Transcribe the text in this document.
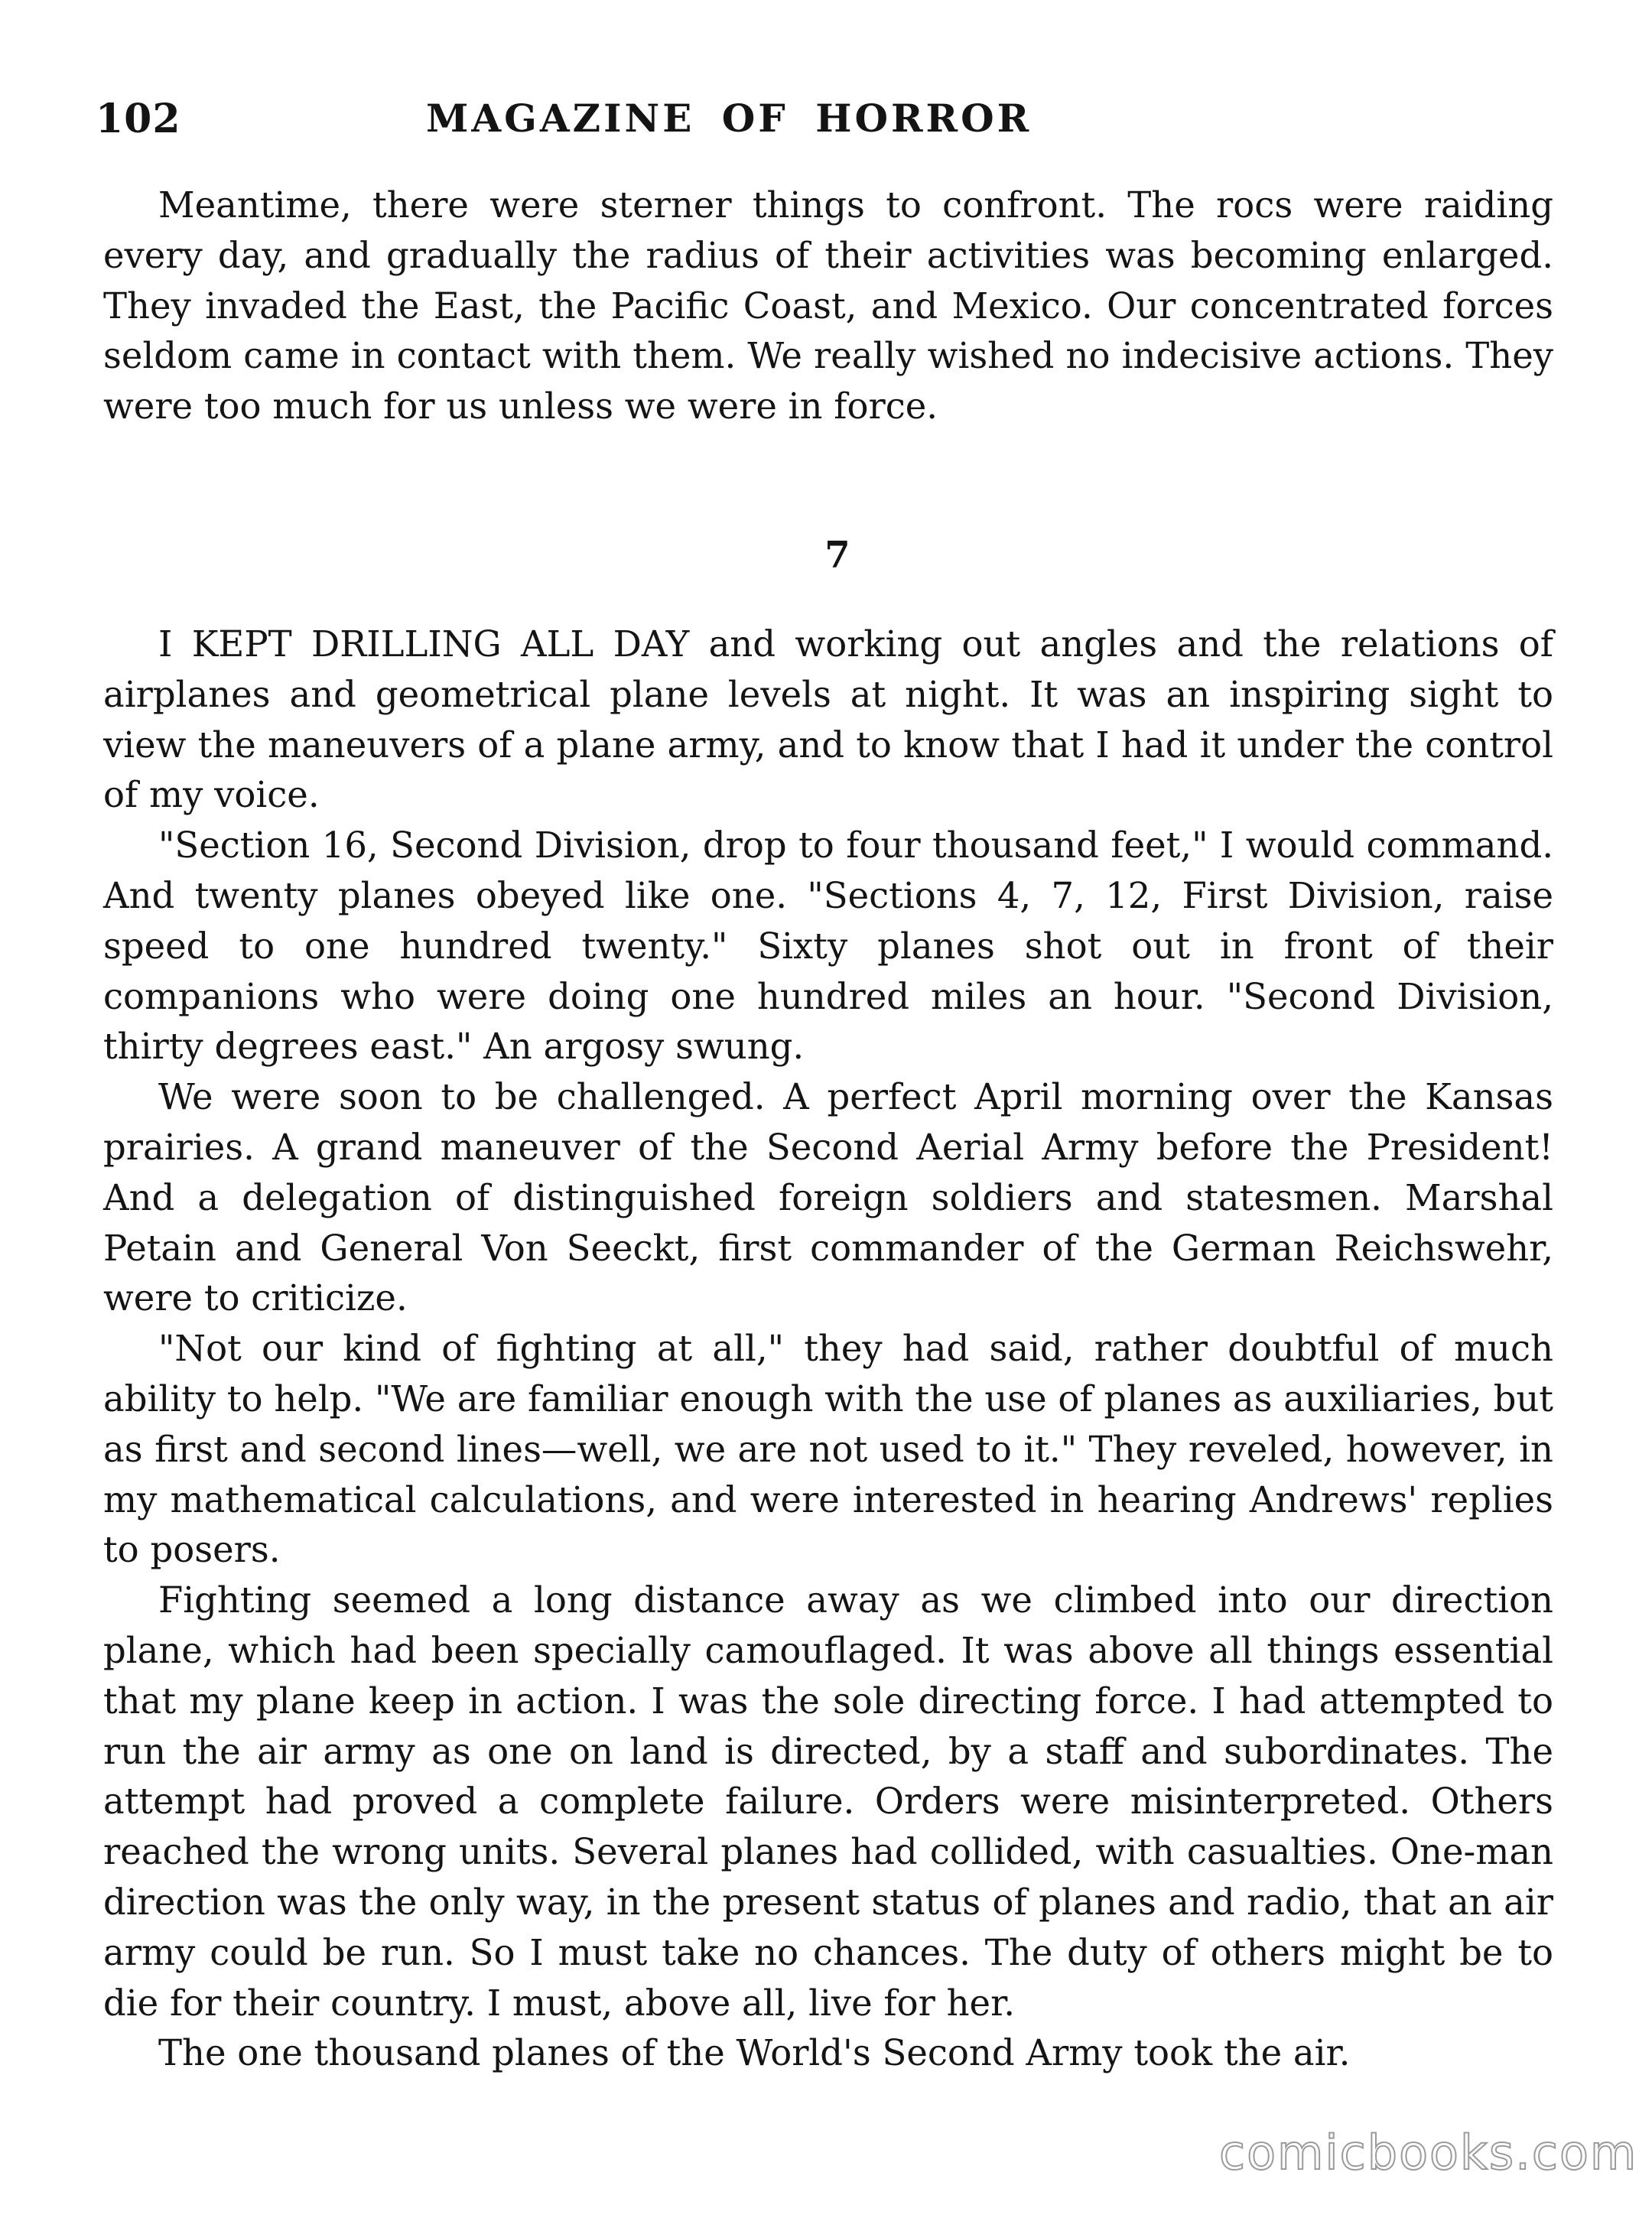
102	MAGAZINE OF HORROR

Meantime, there were sterner things to confront. The rocs were raiding every day, and gradually the radius of their activities was becoming enlarged. They invaded the East, the Pacific Coast, and Mexico. Our concentrated forces seldom came in contact with them. We really wished no indecisive actions. They were too much for us unless we were in force.

7

I KEPT DRILLING ALL DAY and working out angles and the relations of airplanes and geometrical plane levels at night. It was an inspiring sight to view the maneuvers of a plane army, and to know that I had it under the control of my voice.

"Section 16, Second Division, drop to four thousand feet," I would command. And twenty planes obeyed like one. "Sections 4, 7, 12, First Division, raise speed to one hundred twenty." Sixty planes shot out in front of their companions who were doing one hundred miles an hour. "Second Division, thirty degrees east." An argosy swung.

We were soon to be challenged. A perfect April morning over the Kansas prairies. A grand maneuver of the Second Aerial Army before the President! And a delegation of distinguished foreign soldiers and statesmen. Marshal Petain and General Von Seeckt, first commander of the German Reichswehr, were to criticize.

"Not our kind of fighting at all," they had said, rather doubtful of much ability to help. "We are familiar enough with the use of planes as auxiliaries, but as first and second lines—well, we are not used to it." They reveled, however, in my mathematical calculations, and were interested in hearing Andrews' replies to posers.

Fighting seemed a long distance away as we climbed into our direction plane, which had been specially camouflaged. It was above all things essential that my plane keep in action. I was the sole directing force. I had attempted to run the air army as one on land is directed, by a staff and subordinates. The attempt had proved a complete failure. Orders were misinterpreted. Others reached the wrong units. Several planes had collided, with casualties. One-man direction was the only way, in the present status of planes and radio, that an air army could be run. So I must take no chances. The duty of others might be to die for their country. I must, above all, live for her.

The one thousand planes of the World's Second Army took the air.

comicbooks.com
